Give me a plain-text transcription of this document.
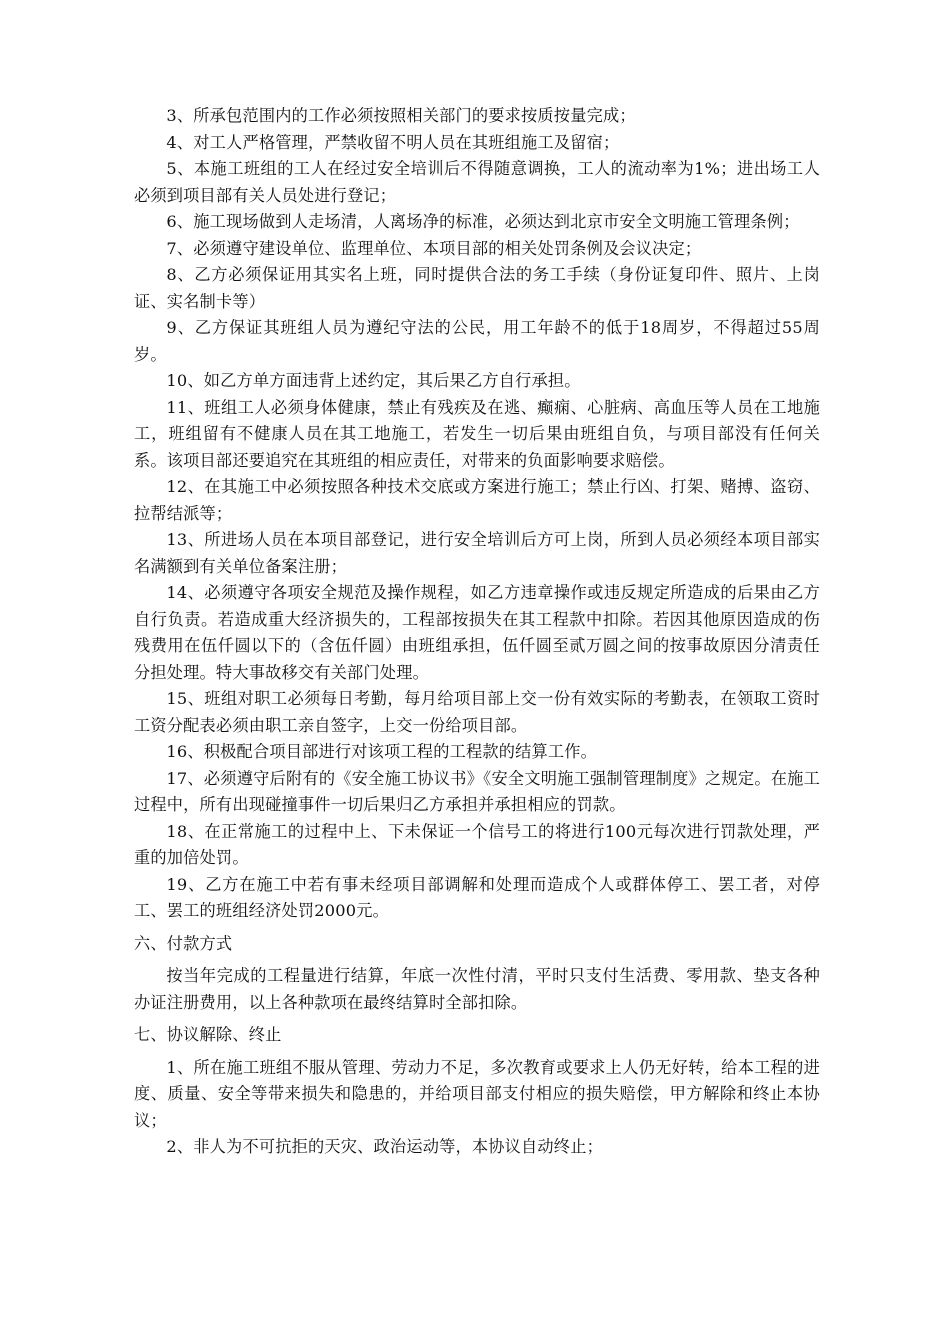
3、所承包范围内的工作必须按照相关部门的要求按质按量完成；

4、对工人严格管理，严禁收留不明人员在其班组施工及留宿；

5、本施工班组的工人在经过安全培训后不得随意调换，工人的流动率为1%；进出场工人必须到项目部有关人员处进行登记；

6、施工现场做到人走场清，人离场净的标准，必须达到北京市安全文明施工管理条例；

7、必须遵守建设单位、监理单位、本项目部的相关处罚条例及会议决定；

8、乙方必须保证用其实名上班，同时提供合法的务工手续（身份证复印件、照片、上岗证、实名制卡等）

9、乙方保证其班组人员为遵纪守法的公民，用工年龄不的低于18周岁，不得超过55周岁。

10、如乙方单方面违背上述约定，其后果乙方自行承担。

11、班组工人必须身体健康，禁止有残疾及在逃、癫痫、心脏病、高血压等人员在工地施工，班组留有不健康人员在其工地施工，若发生一切后果由班组自负，与项目部没有任何关系。该项目部还要追究在其班组的相应责任，对带来的负面影响要求赔偿。

12、在其施工中必须按照各种技术交底或方案进行施工；禁止行凶、打架、赌搏、盗窃、拉帮结派等；

13、所进场人员在本项目部登记，进行安全培训后方可上岗，所到人员必须经本项目部实名满额到有关单位备案注册；

14、必须遵守各项安全规范及操作规程，如乙方违章操作或违反规定所造成的后果由乙方自行负责。若造成重大经济损失的，工程部按损失在其工程款中扣除。若因其他原因造成的伤残费用在伍仟圆以下的（含伍仟圆）由班组承担，伍仟圆至贰万圆之间的按事故原因分清责任分担处理。特大事故移交有关部门处理。

15、班组对职工必须每日考勤，每月给项目部上交一份有效实际的考勤表，在领取工资时工资分配表必须由职工亲自签字，上交一份给项目部。

16、积极配合项目部进行对该项工程的工程款的结算工作。

17、必须遵守后附有的《安全施工协议书》《安全文明施工强制管理制度》之规定。在施工过程中，所有出现碰撞事件一切后果归乙方承担并承担相应的罚款。

18、在正常施工的过程中上、下未保证一个信号工的将进行100元每次进行罚款处理，严重的加倍处罚。

19、乙方在施工中若有事未经项目部调解和处理而造成个人或群体停工、罢工者，对停工、罢工的班组经济处罚2000元。

六、付款方式

按当年完成的工程量进行结算，年底一次性付清，平时只支付生活费、零用款、垫支各种办证注册费用，以上各种款项在最终结算时全部扣除。

七、协议解除、终止

1、所在施工班组不服从管理、劳动力不足，多次教育或要求上人仍无好转，给本工程的进度、质量、安全等带来损失和隐患的，并给项目部支付相应的损失赔偿，甲方解除和终止本协议；

2、非人为不可抗拒的天灾、政治运动等，本协议自动终止；
